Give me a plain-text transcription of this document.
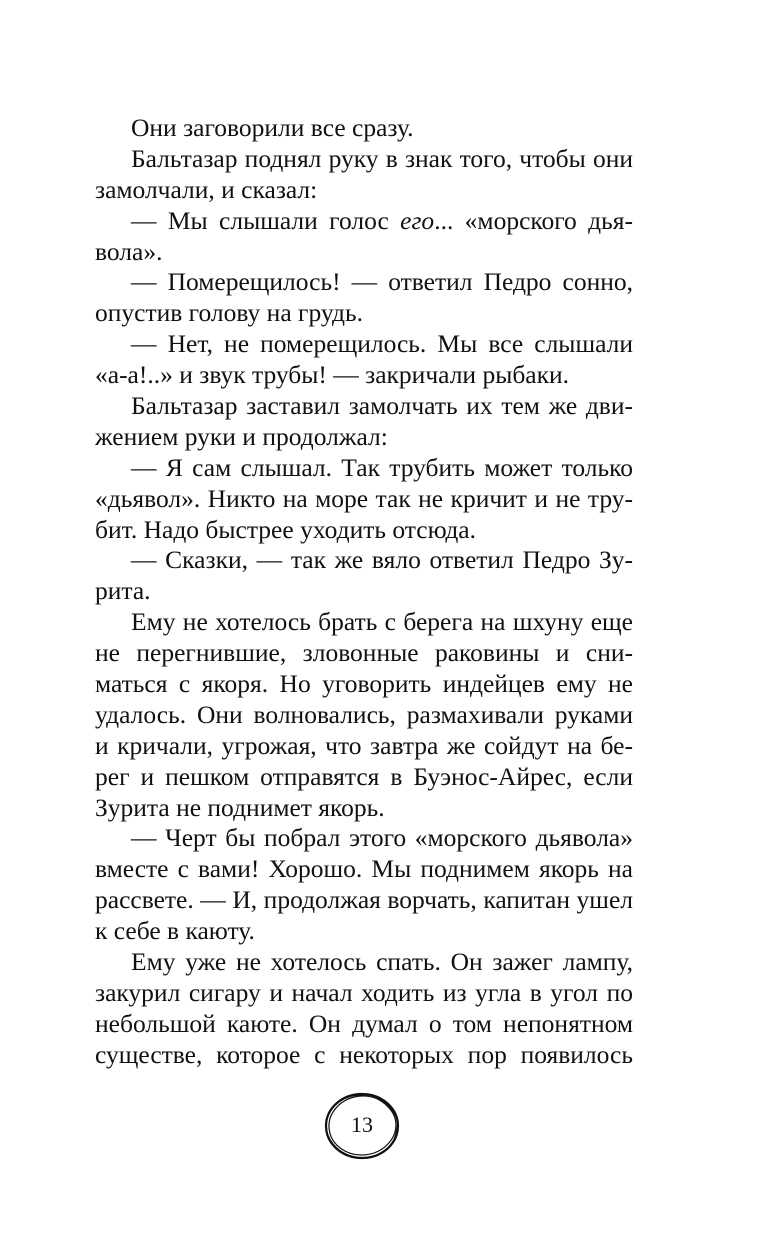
Они заговорили все сразу.
Бальтазар поднял руку в знак того, чтобы они
замолчали, и сказал:
— Мы слышали голос его... «морского дья-
вола».
— Померещилось! — ответил Педро сонно,
опустив голову на грудь.
— Нет, не померещилось. Мы все слышали
«а-а!..» и звук трубы! — закричали рыбаки.
Бальтазар заставил замолчать их тем же дви-
жением руки и продолжал:
— Я сам слышал. Так трубить может только
«дьявол». Никто на море так не кричит и не тру-
бит. Надо быстрее уходить отсюда.
— Сказки, — так же вяло ответил Педро Зу-
рита.
Ему не хотелось брать с берега на шхуну еще
не перегнившие, зловонные раковины и сни-
маться с якоря. Но уговорить индейцев ему не
удалось. Они волновались, размахивали руками
и кричали, угрожая, что завтра же сойдут на бе-
рег и пешком отправятся в Буэнос-Айрес, если
Зурита не поднимет якорь.
— Черт бы побрал этого «морского дьявола»
вместе с вами! Хорошо. Мы поднимем якорь на
рассвете. — И, продолжая ворчать, капитан ушел
к себе в каюту.
Ему уже не хотелось спать. Он зажег лампу,
закурил сигару и начал ходить из угла в угол по
небольшой каюте. Он думал о том непонятном
существе, которое с некоторых пор появилось
13
